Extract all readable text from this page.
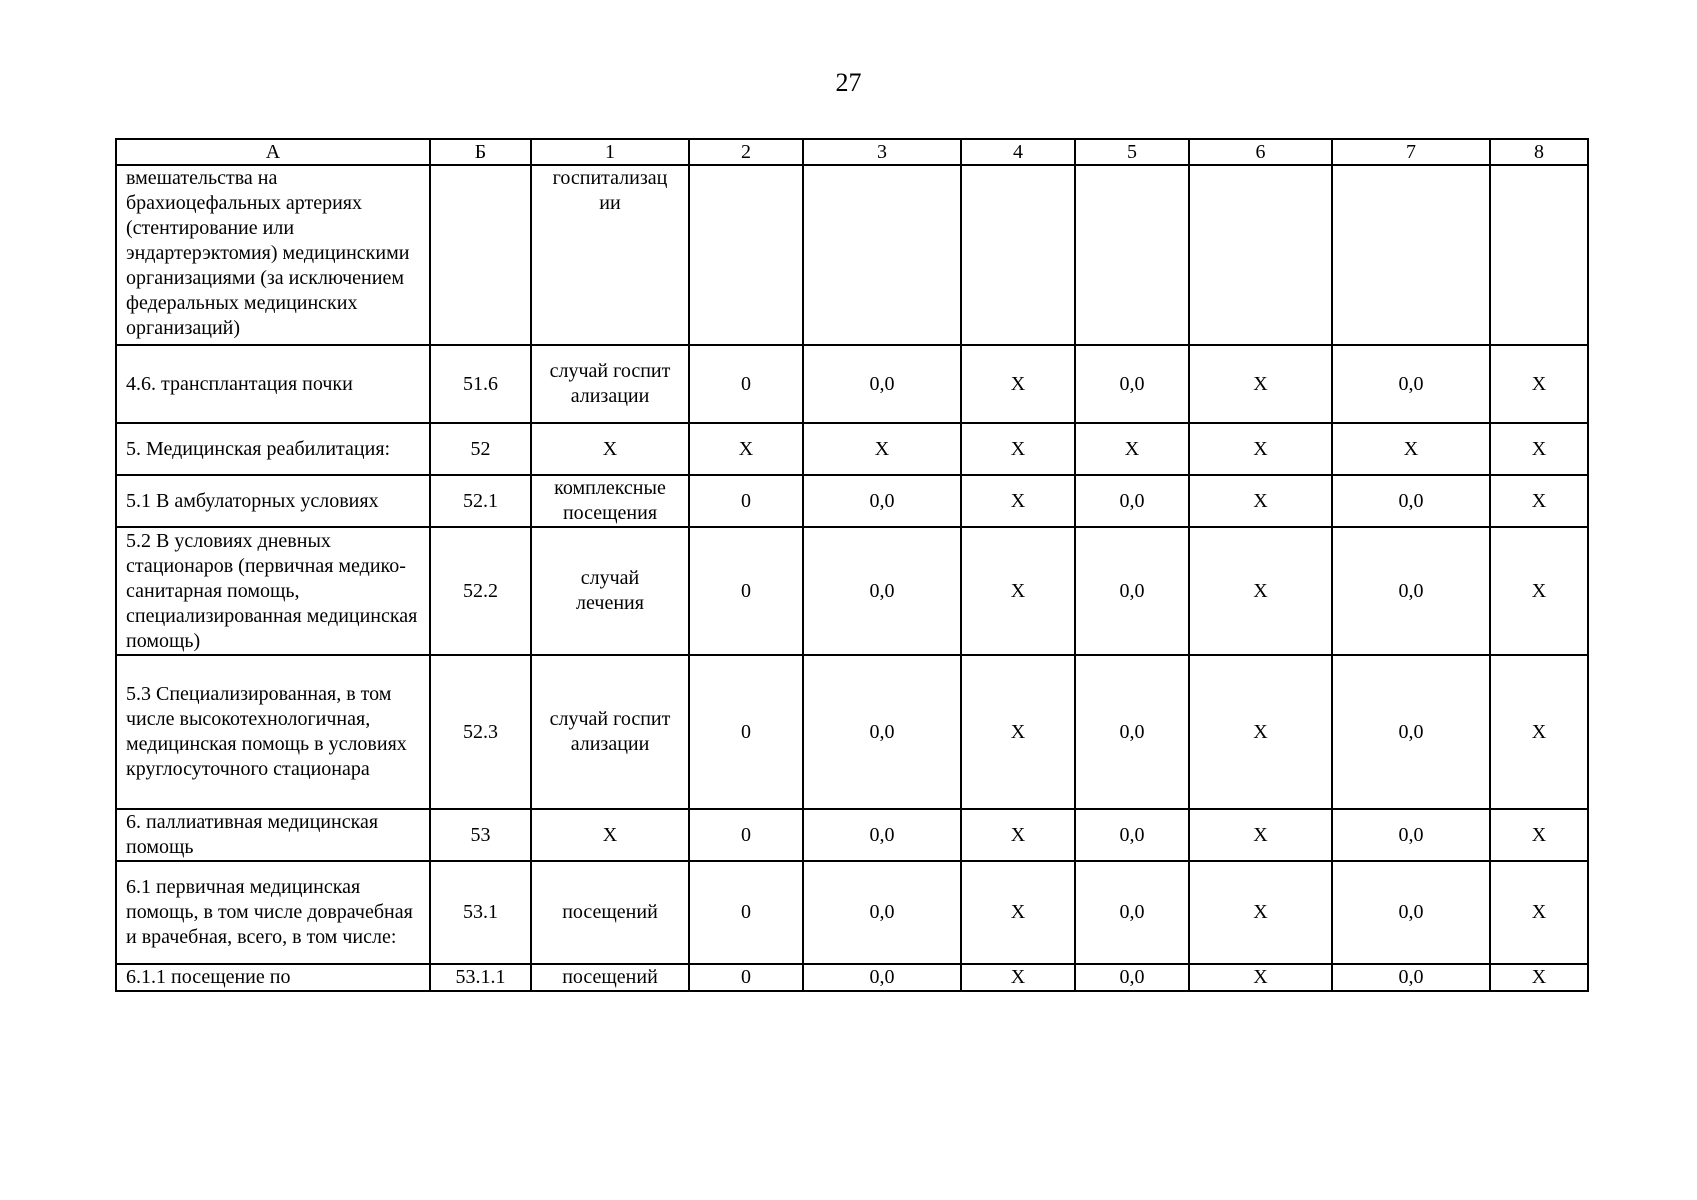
27
А	Б	1	2	3	4	5	6	7	8
вмешательства на брахиоцефальных артериях (стентирование или эндартерэктомия) медицинскими организациями (за исключением федеральных медицинских организаций)		госпитализации							
4.6. трансплантация почки	51.6	случай госпитализации	0	0,0	X	0,0	X	0,0	X
5. Медицинская реабилитация:	52	X	X	X	X	X	X	X	X
5.1 В амбулаторных условиях	52.1	комплексные посещения	0	0,0	X	0,0	X	0,0	X
5.2 В условиях дневных стационаров (первичная медико-санитарная помощь, специализированная медицинская помощь)	52.2	случай лечения	0	0,0	X	0,0	X	0,0	X
5.3 Специализированная, в том числе высокотехнологичная, медицинская помощь в условиях круглосуточного стационара	52.3	случай госпитализации	0	0,0	X	0,0	X	0,0	X
6. паллиативная медицинская помощь	53	X	0	0,0	X	0,0	X	0,0	X
6.1 первичная медицинская помощь, в том числе доврачебная и врачебная, всего, в том числе:	53.1	посещений	0	0,0	X	0,0	X	0,0	X
6.1.1 посещение по	53.1.1	посещений	0	0,0	X	0,0	X	0,0	X
